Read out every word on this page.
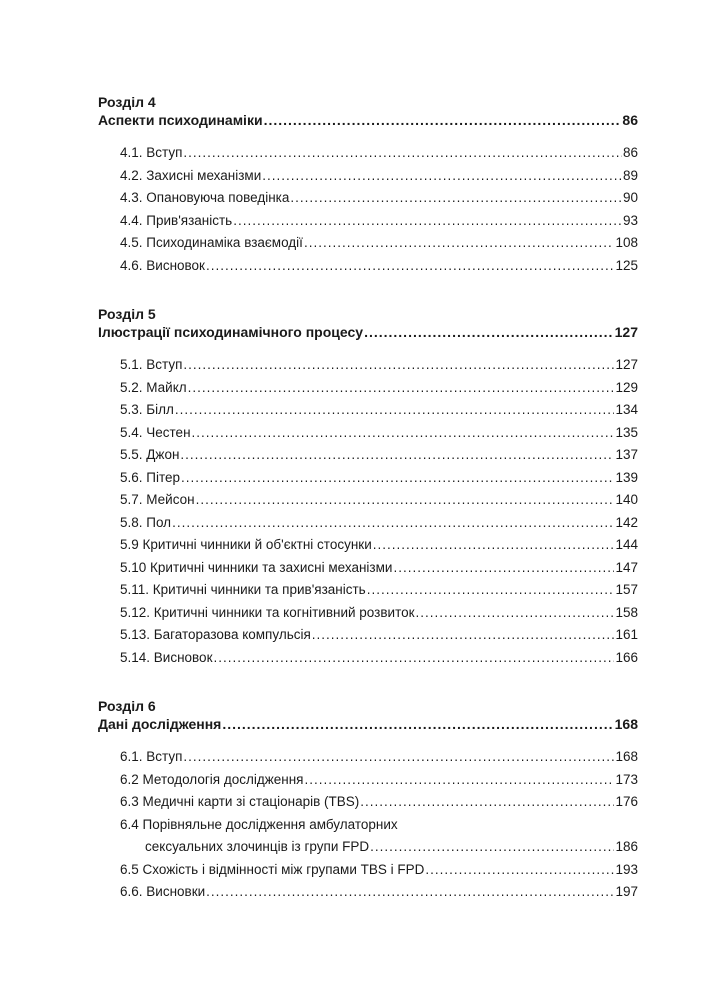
Розділ 4
Аспекти психодинаміки .....	86
4.1. Вступ .....	86
4.2. Захисні механізми .....	89
4.3. Опановуюча поведінка .....	90
4.4. Прив'язаність .....	93
4.5. Психодинаміка взаємодії .....	108
4.6. Висновок .....	125
Розділ 5
Ілюстрації психодинамічного процесу .....	127
5.1. Вступ .....	127
5.2. Майкл .....	129
5.3. Білл .....	134
5.4. Честен .....	135
5.5. Джон .....	137
5.6. Пітер .....	139
5.7. Мейсон .....	140
5.8. Пол .....	142
5.9 Критичні чинники й об'єктні стосунки .....	144
5.10 Критичні чинники та захисні механізми .....	147
5.11. Критичні чинники та прив'язаність .....	157
5.12. Критичні чинники та когнітивний розвиток .....	158
5.13. Багаторазова компульсія .....	161
5.14. Висновок .....	166
Розділ 6
Дані дослідження .....	168
6.1. Вступ .....	168
6.2 Методологія дослідження .....	173
6.3 Медичні карти зі стаціонарів (TBS) .....	176
6.4 Порівняльне дослідження амбулаторних
сексуальних злочинців із групи FPD .....	186
6.5 Схожість і відмінності між групами TBS і FPD .....	193
6.6. Висновки .....	197
